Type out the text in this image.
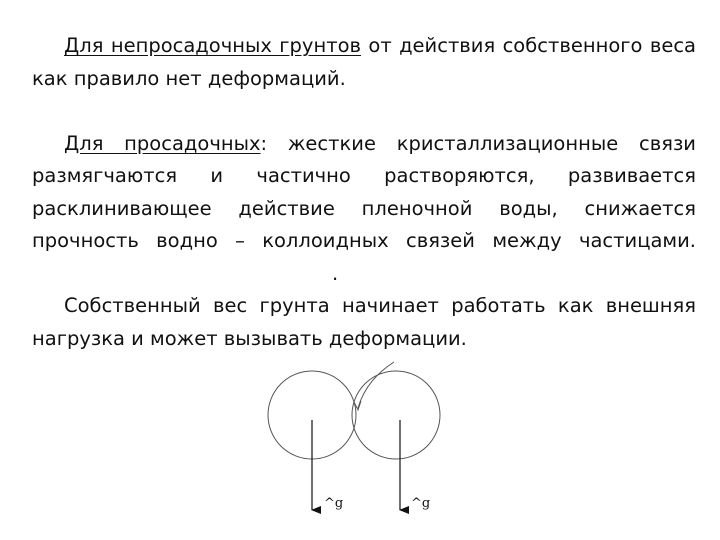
Для непросадочных грунтов от действия собственного веса как правило нет деформаций.

Для просадочных: жесткие кристаллизационные связи размягчаются и частично растворяются, развивается расклинивающее действие пленочной воды, снижается прочность водно – коллоидных связей между частицами..

Собственный вес грунта начинает работать как внешняя нагрузка и может вызывать деформации.

^g	^g
